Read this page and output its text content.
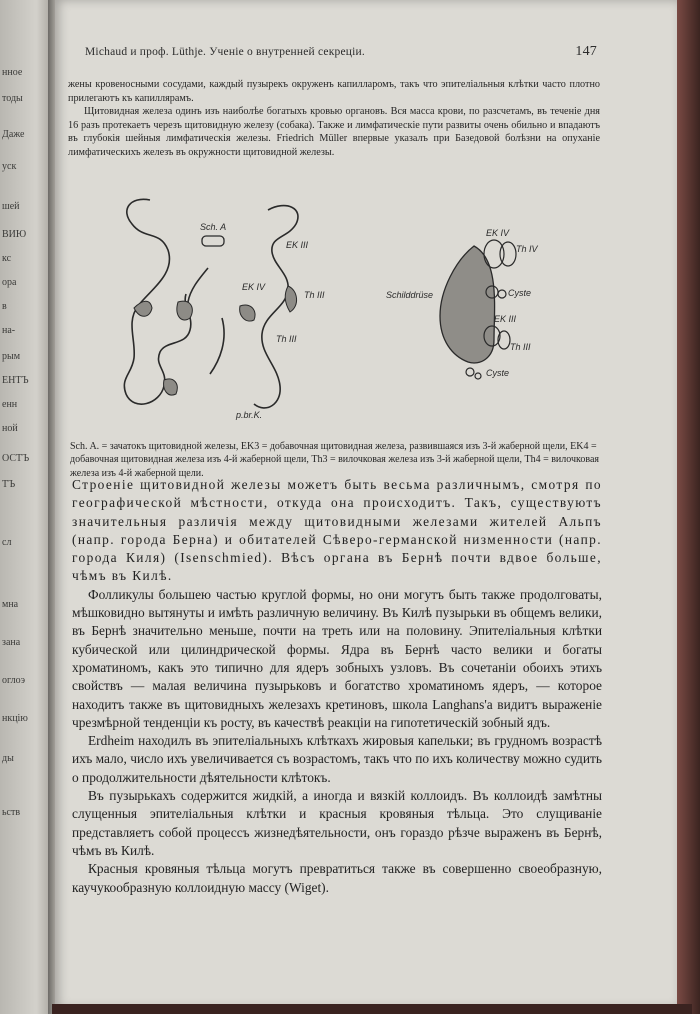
нное
тоды
Даже
уск
шей
ВИЮ
кс
ора
в
на-
рым
ЕНТЪ
енн
ной
ОСТЪ
ТЪ
сл
мна
зана
оглоэ
нкцію
ды
ьств
Michaud и проф. Lüthje. Ученіе о внутренней секреціи.	147

жены кровеносными сосудами, каждый пузырекъ окруженъ капилларомъ, такъ что эпителіальныя клѣтки часто плотно прилегаютъ къ капиллярамъ.

Щитовидная железа одинъ изъ наиболѣе богатыхъ кровью органовъ. Вся масса крови, по разсчетамъ, въ теченіе дня 16 разъ протекаетъ черезъ щитовидную железу (собака). Также и лимфатическіе пути развиты очень обильно и впадаютъ въ глубокія шейныя лимфатическія железы. Friedrich Müller впервые указалъ при Базедовой болѣзни на опуханіе лимфатическихъ железъ въ окружности щитовидной железы.

Sch. A
EK III
Th III
EK IV
Th III
p.br.K.
EK IV
Th IV
Schilddrüse	Cyste
EK III
Th III
Cyste
Sch. A. = зачатокъ щитовидной железы, EK3 = добавочная щитовидная железа, развившаяся изъ 3-й жаберной щели, EK4 = добавочная щитовидная железа изъ 4-й жаберной щели, Th3 = вилочковая железа изъ 3-й жаберной щели, Th4 = вилочковая железа изъ 4-й жаберной щели.

Строеніе щитовидной железы можетъ быть весьма различнымъ, смотря по географической мѣстности, откуда она происходитъ. Такъ, существуютъ значительныя различія между щитовидными железами жителей Альпъ (напр. города Берна) и обитателей Сѣверо-германской низменности (напр. города Киля) (Isenschmied). Вѣсъ органа въ Бернѣ почти вдвое больше, чѣмъ въ Килѣ.

Фолликулы большею частью круглой формы, но они могутъ быть также продолговаты, мѣшковидно вытянуты и имѣть различную величину. Въ Килѣ пузырьки въ общемъ велики, въ Бернѣ значительно меньше, почти на треть или на половину. Эпителіальныя клѣтки кубической или цилиндрической формы. Ядра въ Бернѣ часто велики и богаты хроматиномъ, какъ это типично для ядеръ зобныхъ узловъ. Въ сочетаніи обоихъ этихъ свойствъ — малая величина пузырьковъ и богатство хроматиномъ ядеръ, — которое находитъ также въ щитовидныхъ железахъ кретиновъ, школа Langhans'a видитъ выраженіе чрезмѣрной тенденціи къ росту, въ качествѣ реакціи на гипотетическій зобный ядъ.

Erdheim находилъ въ эпителіальныхъ клѣткахъ жировыя капельки; въ грудномъ возрастѣ ихъ мало, число ихъ увеличивается съ возрастомъ, такъ что по ихъ количеству можно судить о продолжительности дѣятельности клѣтокъ.

Въ пузырькахъ содержится жидкій, а иногда и вязкій коллоидъ. Въ коллоидѣ замѣтны слущенныя эпителіальныя клѣтки и красныя кровяныя тѣльца. Это слущиваніе представляетъ собой процессъ жизнедѣятельности, онъ гораздо рѣзче выраженъ въ Бернѣ, чѣмъ въ Килѣ.

Красныя кровяныя тѣльца могутъ превратиться также въ совершенно своеобразную, каучукообразную коллоидную массу (Wiget).
